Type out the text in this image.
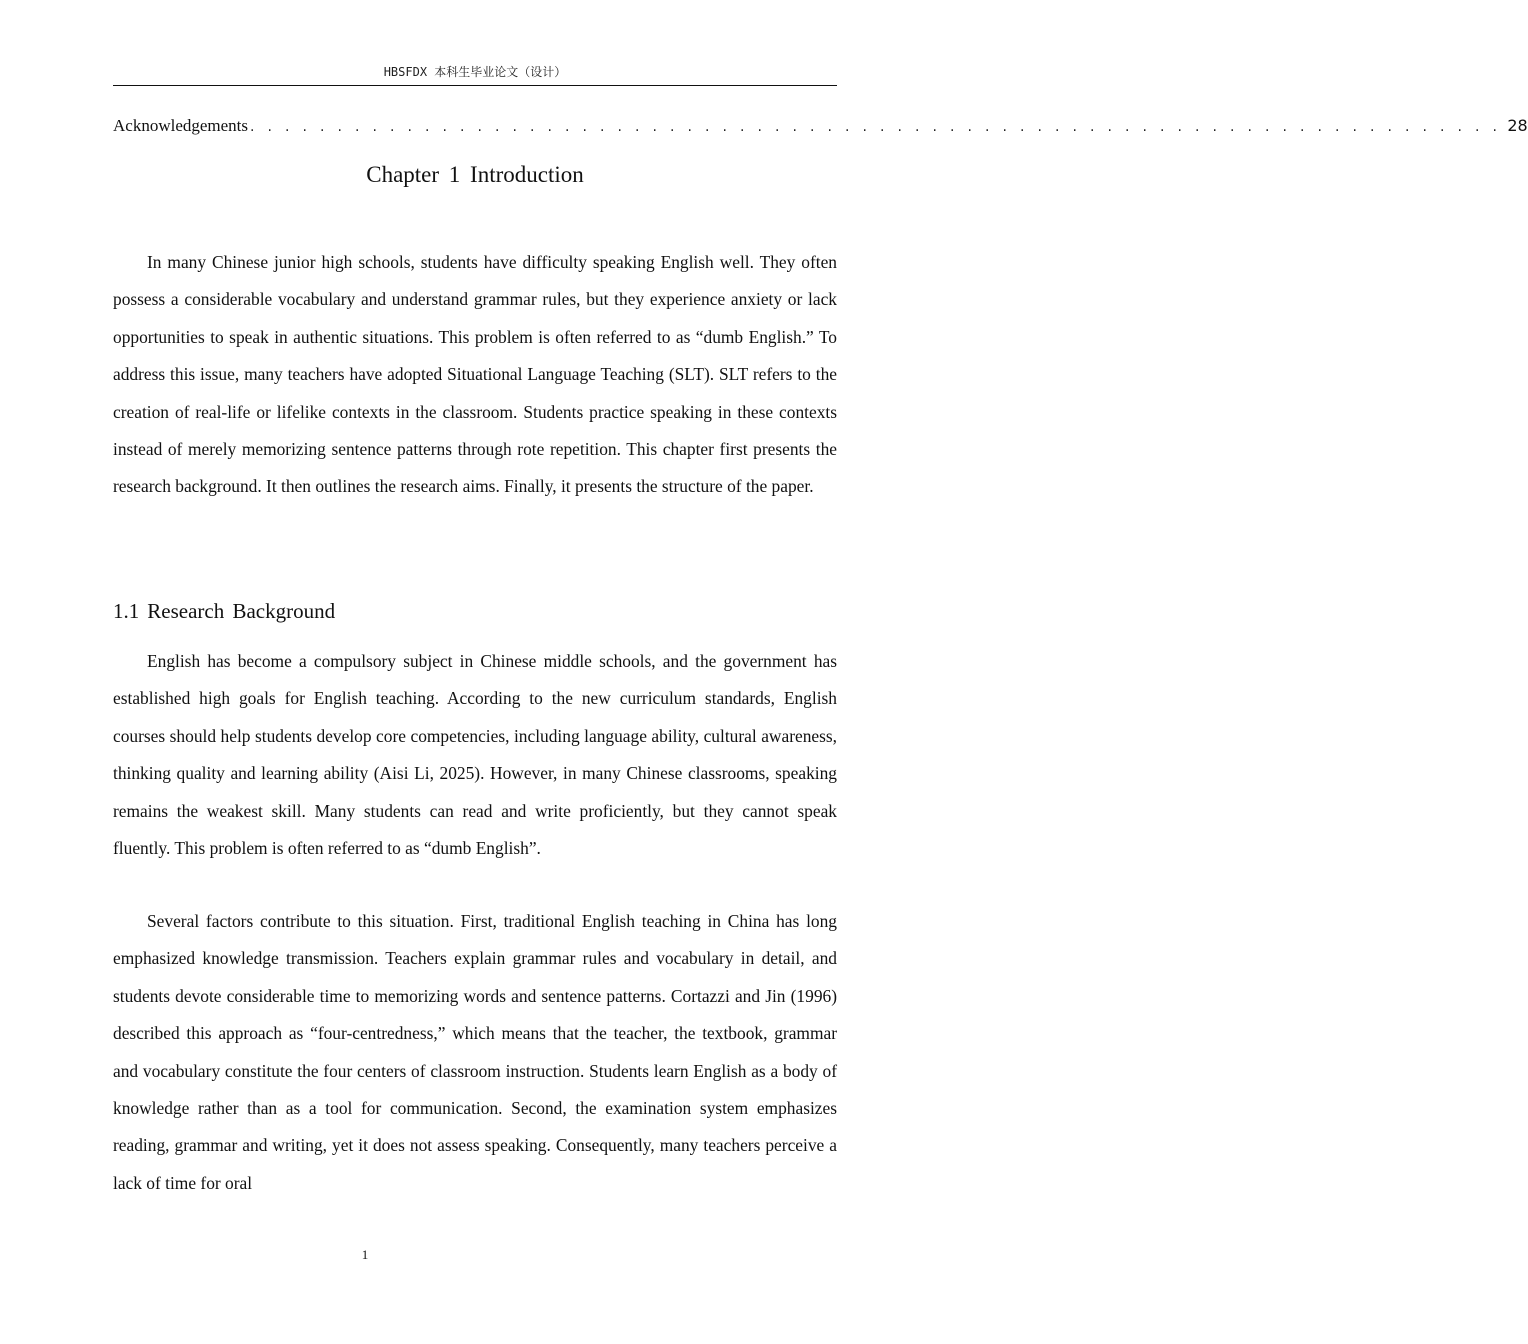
HBSFDX 本科生毕业论文（设计）
Acknowledgements . . . . . . . . . . . . . . . . . . . . . . . . . . . . . . . . . . . . . . . . . . . . . . . . . . . . . . . . . . . . . . . . . . . . . . . . 28
Chapter 1 Introduction

In many Chinese junior high schools, students have difficulty speaking English well. They often possess a considerable vocabulary and understand grammar rules, but they experience anxiety or lack opportunities to speak in authentic situations. This problem is often referred to as “dumb English.” To address this issue, many teachers have adopted Situational Language Teaching (SLT). SLT refers to the creation of real-life or lifelike contexts in the classroom. Students practice speaking in these contexts instead of merely memorizing sentence patterns through rote repetition. This chapter first presents the research background. It then outlines the research aims. Finally, it presents the structure of the paper.

1.1 Research Background

English has become a compulsory subject in Chinese middle schools, and the government has established high goals for English teaching. According to the new curriculum standards, English courses should help students develop core competencies, including language ability, cultural awareness, thinking quality and learning ability (Aisi Li, 2025). However, in many Chinese classrooms, speaking remains the weakest skill. Many students can read and write proficiently, but they cannot speak fluently. This problem is often referred to as “dumb English”.

Several factors contribute to this situation. First, traditional English teaching in China has long emphasized knowledge transmission. Teachers explain grammar rules and vocabulary in detail, and students devote considerable time to memorizing words and sentence patterns. Cortazzi and Jin (1996) described this approach as “four-centredness,” which means that the teacher, the textbook, grammar and vocabulary constitute the four centers of classroom instruction. Students learn English as a body of knowledge rather than as a tool for communication. Second, the examination system emphasizes reading, grammar and writing, yet it does not assess speaking. Consequently, many teachers perceive a lack of time for oral

1
